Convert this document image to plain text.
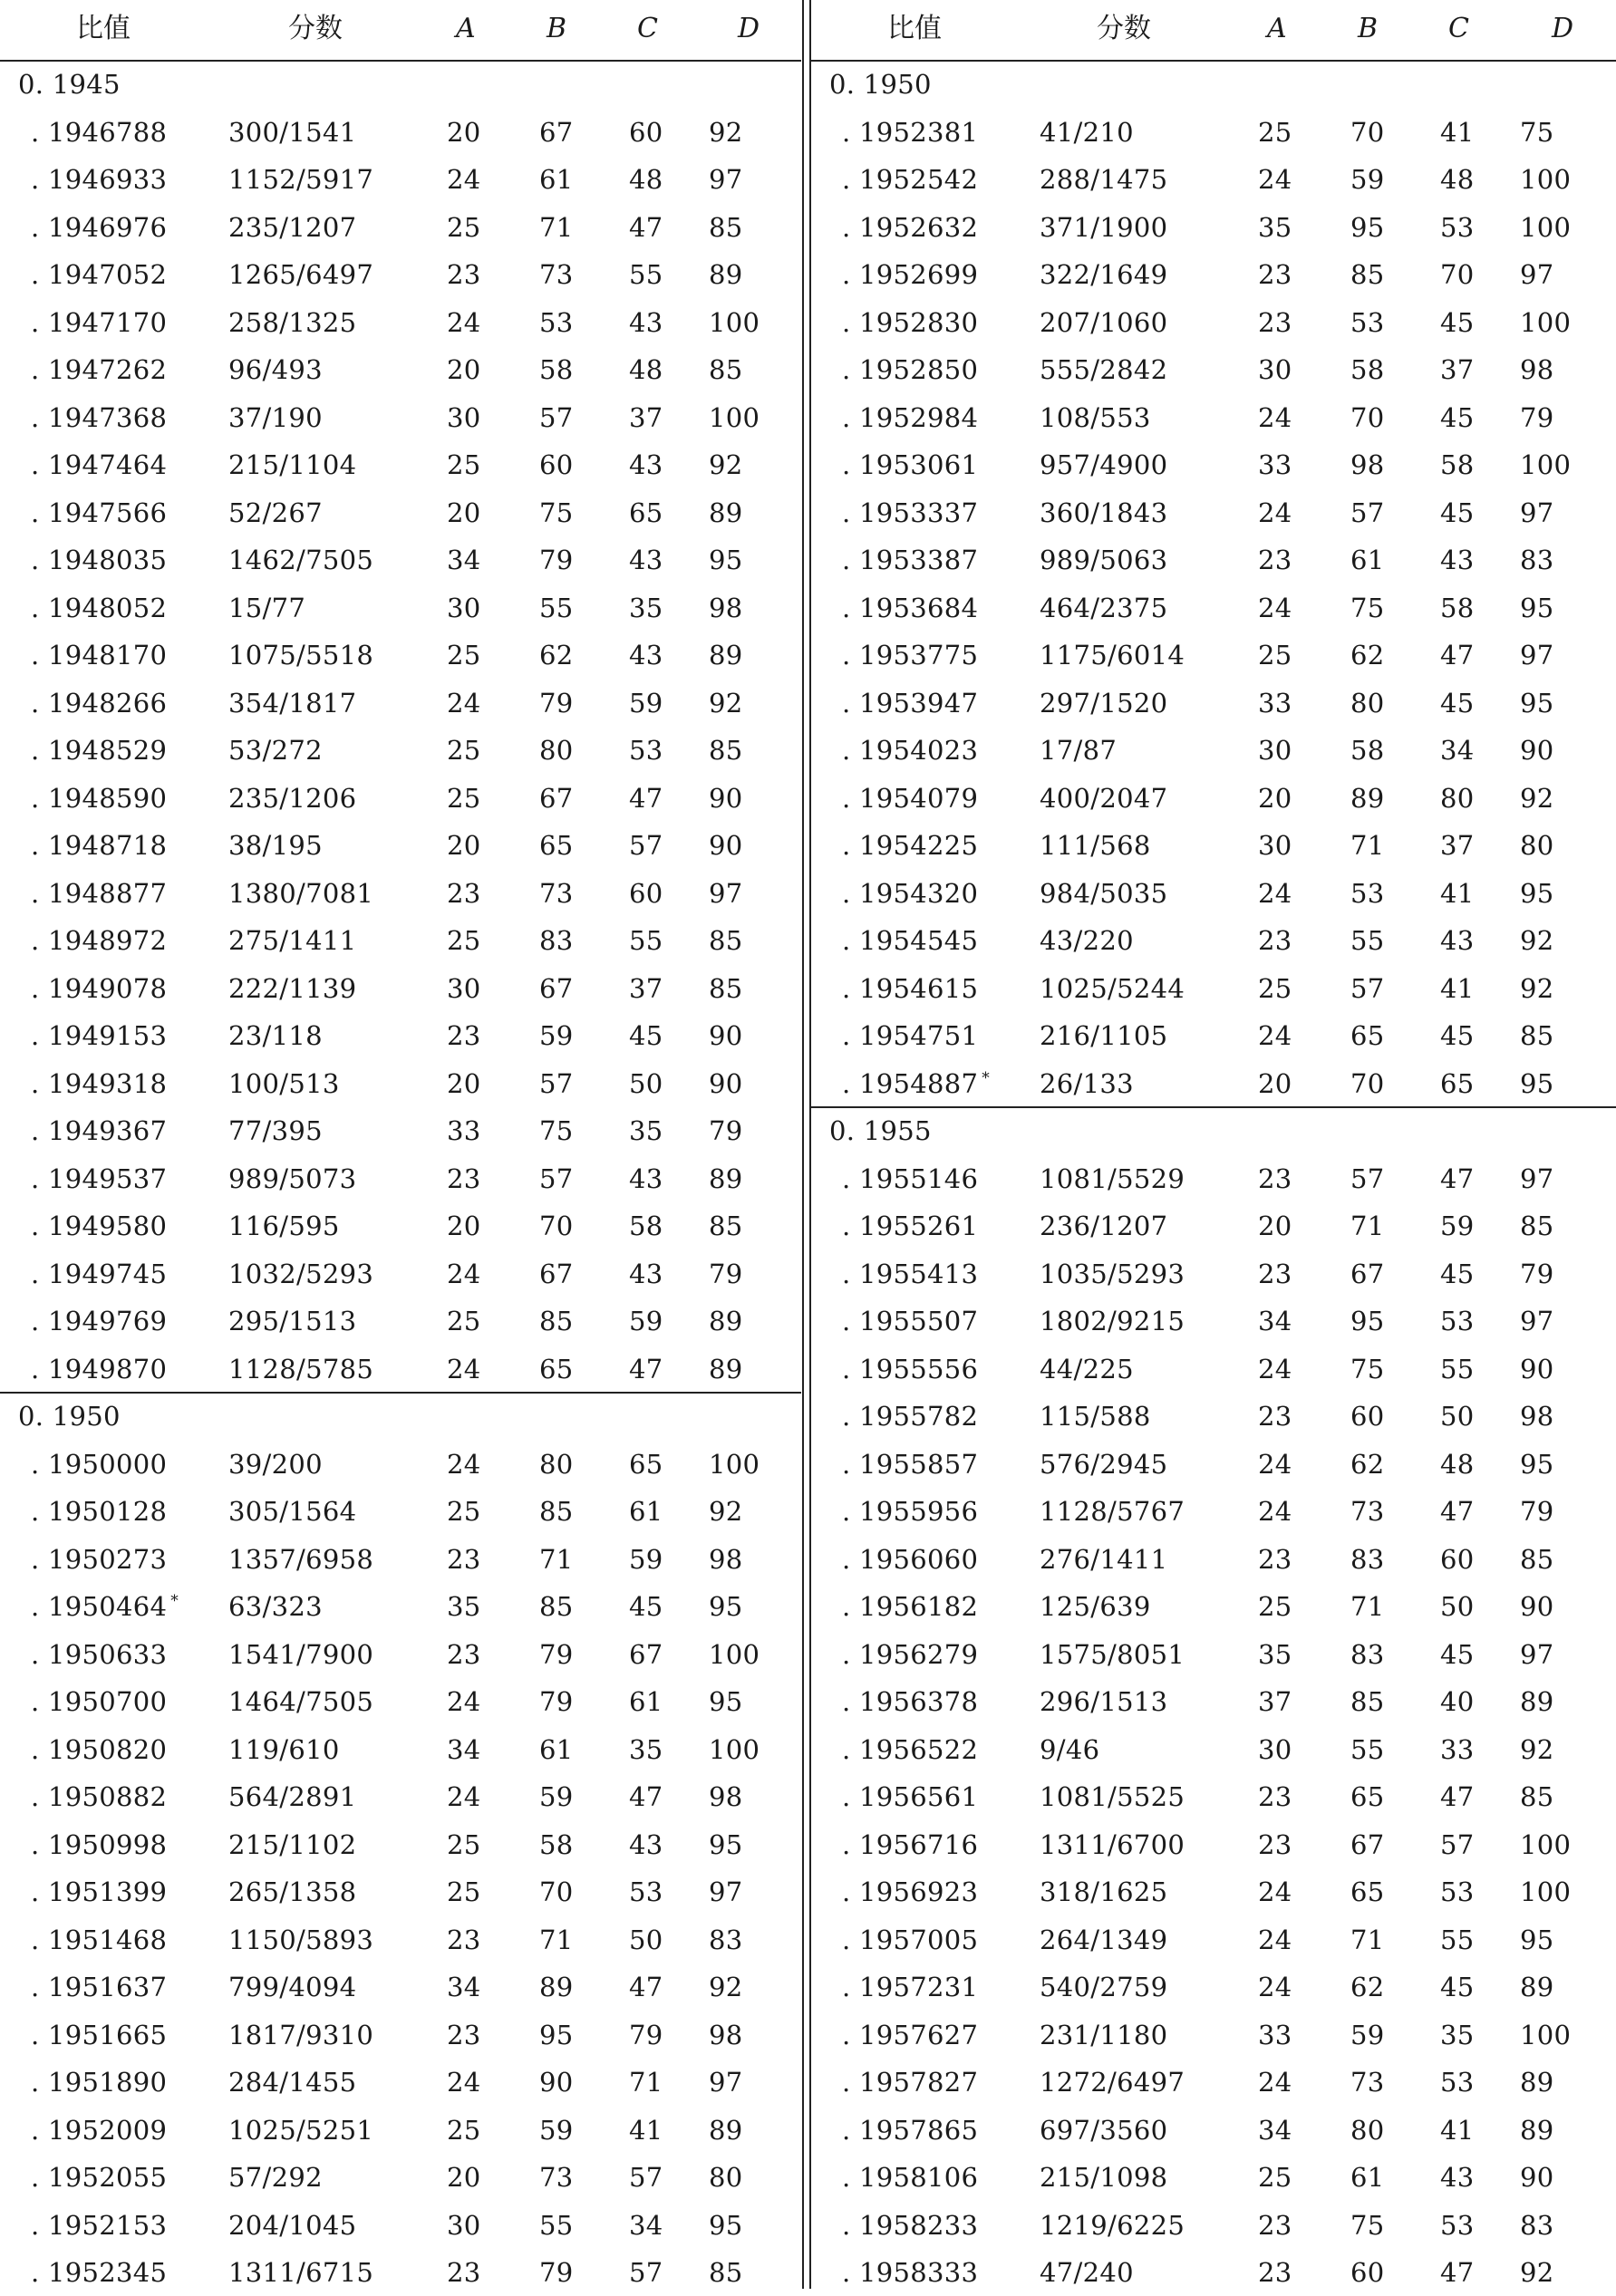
比值	分数	A	B	C	D
0. 1945
. 1946788 300/1541	20 67 60 92
. 1946933 1152/5917	24 61 48 97
. 1946976 235/1207	25 71 47 85
. 1947052 1265/6497	23 73 55 89
. 1947170 258/1325	24 53 43 100
. 1947262 96/493	20 58 48 85
. 1947368 37/190	30 57 37 100
. 1947464 215/1104	25 60 43 92
. 1947566 52/267	20 75 65 89
. 1948035 1462/7505	34 79 43 95
. 1948052 15/77	30 55 35 98
. 1948170 1075/5518	25 62 43 89
. 1948266 354/1817	24 79 59 92
. 1948529 53/272	25 80 53 85
. 1948590 235/1206	25 67 47 90
. 1948718 38/195	20 65 57 90
. 1948877 1380/7081	23 73 60 97
. 1948972 275/1411	25 83 55 85
. 1949078 222/1139	30 67 37 85
. 1949153 23/118	23 59 45 90
. 1949318 100/513	20 57 50 90
. 1949367 77/395	33 75 35 79
. 1949537 989/5073	23 57 43 89
. 1949580 116/595	20 70 58 85
. 1949745 1032/5293	24 67 43 79
. 1949769 295/1513	25 85 59 89
. 1949870 1128/5785	24 65 47 89
0. 1950
. 1950000 39/200	24 80 65 100
. 1950128 305/1564	25 85 61 92
. 1950273 1357/6958	23 71 59 98
. 1950464 * 63/323	35 85 45 95
. 1950633 1541/7900	23 79 67 100
. 1950700 1464/7505	24 79 61 95
. 1950820 119/610	34 61 35 100
. 1950882 564/2891	24 59 47 98
. 1950998 215/1102	25 58 43 95
. 1951399 265/1358	25 70 53 97
. 1951468 1150/5893	23 71 50 83
. 1951637 799/4094	34 89 47 92
. 1951665 1817/9310	23 95 79 98
. 1951890 284/1455	24 90 71 97
. 1952009 1025/5251	25 59 41 89
. 1952055 57/292	20 73 57 80
. 1952153 204/1045	30 55 34 95
. 1952345 1311/6715	23 79 57 85
比值	分数	A	B	C	D
0. 1950
. 1952381 41/210	25 70 41 75
. 1952542 288/1475	24 59 48 100
. 1952632 371/1900	35 95 53 100
. 1952699 322/1649	23 85 70 97
. 1952830 207/1060	23 53 45 100
. 1952850 555/2842	30 58 37 98
. 1952984 108/553	24 70 45 79
. 1953061 957/4900	33 98 58 100
. 1953337 360/1843	24 57 45 97
. 1953387 989/5063	23 61 43 83
. 1953684 464/2375	24 75 58 95
. 1953775 1175/6014	25 62 47 97
. 1953947 297/1520	33 80 45 95
. 1954023 17/87	30 58 34 90
. 1954079 400/2047	20 89 80 92
. 1954225 111/568	30 71 37 80
. 1954320 984/5035	24 53 41 95
. 1954545 43/220	23 55 43 92
. 1954615 1025/5244	25 57 41 92
. 1954751 216/1105	24 65 45 85
. 1954887 * 26/133	20 70 65 95
0. 1955
. 1955146 1081/5529	23 57 47 97
. 1955261 236/1207	20 71 59 85
. 1955413 1035/5293	23 67 45 79
. 1955507 1802/9215	34 95 53 97
. 1955556 44/225	24 75 55 90
. 1955782 115/588	23 60 50 98
. 1955857 576/2945	24 62 48 95
. 1955956 1128/5767	24 73 47 79
. 1956060 276/1411	23 83 60 85
. 1956182 125/639	25 71 50 90
. 1956279 1575/8051	35 83 45 97
. 1956378 296/1513	37 85 40 89
. 1956522 9/46	30 55 33 92
. 1956561 1081/5525	23 65 47 85
. 1956716 1311/6700	23 67 57 100
. 1956923 318/1625	24 65 53 100
. 1957005 264/1349	24 71 55 95
. 1957231 540/2759	24 62 45 89
. 1957627 231/1180	33 59 35 100
. 1957827 1272/6497	24 73 53 89
. 1957865 697/3560	34 80 41 89
. 1958106 215/1098	25 61 43 90
. 1958233 1219/6225	23 75 53 83
. 1958333 47/240	23 60 47 92
